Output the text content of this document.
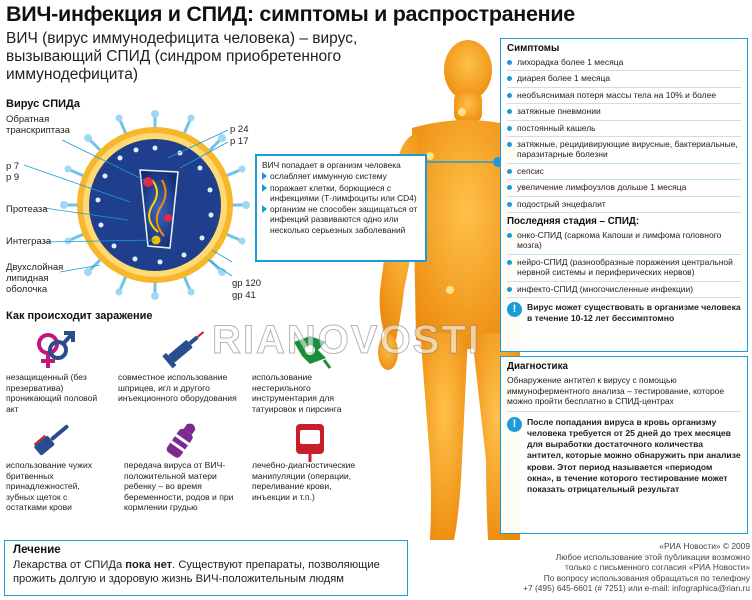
ВИЧ-инфекция и СПИД: симптомы и распространение
ВИЧ (вирус иммунодефицита человека) – вирус, вызывающий СПИД (синдром приобретенного иммунодефицита)
Вирус СПИДа
Обратная транскриптаза
р 7
р 9
Протеаза
Интеграза
Двухслойная липидная оболочка
р 24
р 17
gp 120
gp 41

ВИЧ попадает в организм человека

ослабляет иммунную систему

поражает клетки, борющиеся с инфекциями (Т-лимфоциты или CD4)

организм не способен защищаться от инфекций развиваются одно или несколько серьезных заболеваний

Как происходит заражение
незащищенный (без презерватива) проникающий половой акт
совместное использование шприцев, игл и другого инъекционного оборудования
использование нестерильного инструментария для татуировок и пирсинга
использование чужих бритвенных принадлежностей, зубных щеток с остатками крови
передача вируса от ВИЧ-положительной матери ребенку – во время беременности, родов и при кормлении грудью
лечебно-диагностические манипуляции (операции, переливание крови, инъекции и т.п.)
Симптомы
лихорадка более 1 месяца
диарея более 1 месяца
необъяснимая потеря массы тела на 10% и более
затяжные пневмонии
постоянный кашель
затяжные, рецидивирующие вирусные, бактериальные, паразитарные болезни
сепсис
увеличение лимфоузлов дольше 1 месяца
подострый энцефалит
Последняя стадия – СПИД:
онко-СПИД (саркома Капоши и лимфома головного мозга)
нейро-СПИД (разнообразные поражения центральной нервной системы и периферических нервов)
инфекто-СПИД (многочисленные инфекции)
!	Вирус может существовать в организме человека в течение 10-12 лет бессимптомно
Диагностика
Обнаружение антител к вирусу с помощью иммуноферментного анализа – тестирование, которое можно пройти бесплатно в СПИД-центрах
!	После попадания вируса в кровь организму человека требуется от 25 дней до трех месяцев для выработки достаточного количества антител, которые можно обнаружить при анализе крови. Этот период называется «периодом окна», в течение которого тестирование может показать отрицательный результат
Лечение
Лекарства от СПИДа пока нет. Существуют препараты, позволяющие
прожить долгую и здоровую жизнь ВИЧ-положительным людям
«РИА Новости» © 2009
Любое использование этой публикации возможно
только с письменного согласия «РИА Новости»
По вопросу использования обращаться по телефону
+7 (495) 645-6601 (# 7251) или e-mail: infographica@rian.ru
RIANOVOSTI
